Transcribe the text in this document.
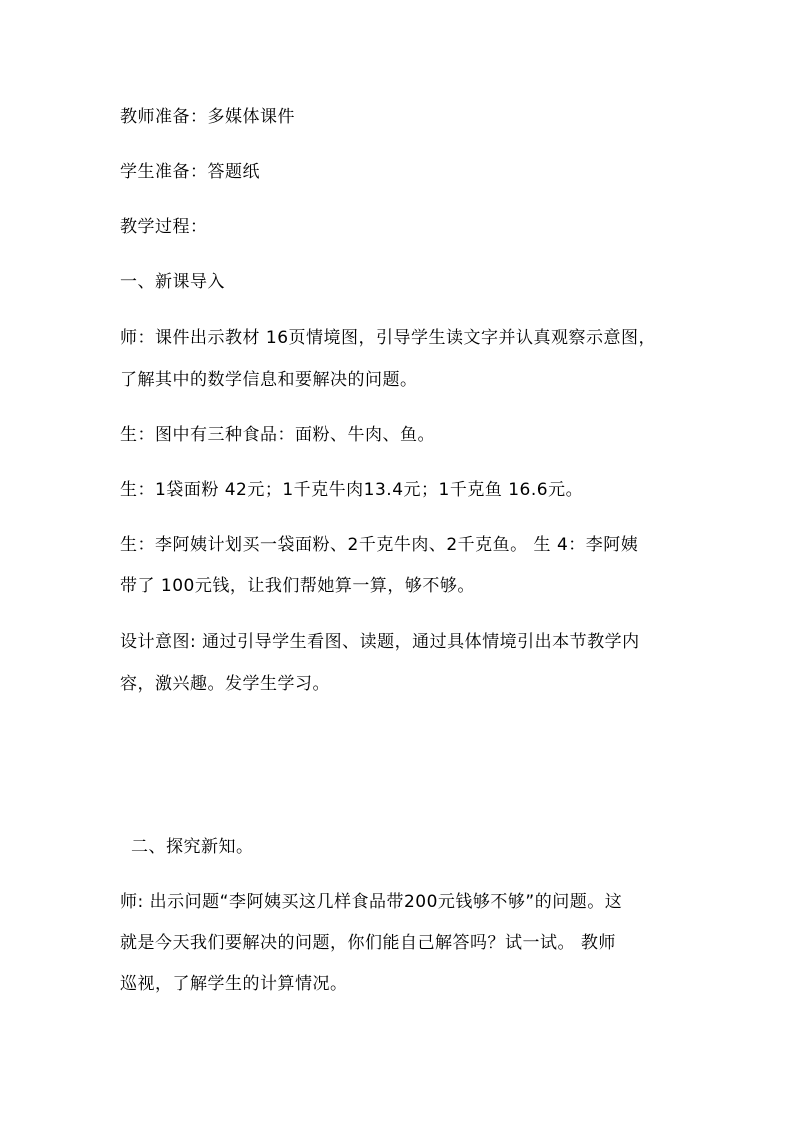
教师准备：多媒体课件
学生准备：答题纸
教学过程：
一、新课导入
师：课件出示教材 16页情境图，引导学生读文字并认真观察示意图，
了解其中的数学信息和要解决的问题。
生：图中有三种食品：面粉、牛肉、鱼。
生：1袋面粉 42元；1千克牛肉13.4元；1千克鱼 16.6元。
生：李阿姨计划买一袋面粉、2千克牛肉、2千克鱼。 生 4：李阿姨
带了 100元钱，让我们帮她算一算，够不够。
设计意图: 通过引导学生看图、读题，通过具体情境引出本节教学内
容，激兴趣。发学生学习。
二、探究新知。
师: 出示问题“李阿姨买这几样食品带200元钱够不够”的问题。这
就是今天我们要解决的问题，你们能自己解答吗？试一试。 教师
巡视，了解学生的计算情况。
